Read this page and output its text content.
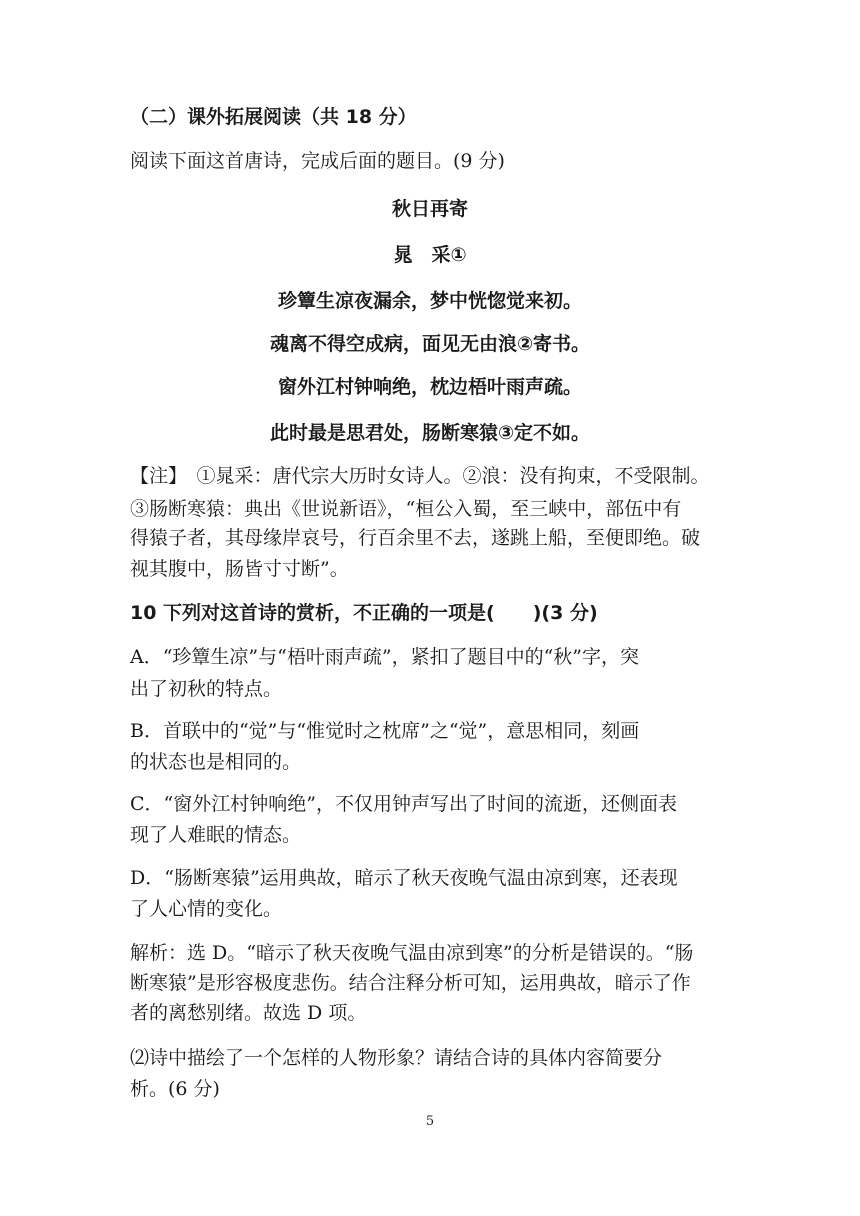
（二）课外拓展阅读（共 18 分）
阅读下面这首唐诗，完成后面的题目。(9 分)
秋日再寄
晁　采①
珍簟生凉夜漏余，梦中恍惚觉来初。
魂离不得空成病，面见无由浪②寄书。
窗外江村钟响绝，枕边梧叶雨声疏。
此时最是思君处，肠断寒猿③定不如。
【注】　①晁采：唐代宗大历时女诗人。②浪：没有拘束，不受限制。
③肠断寒猿：典出《世说新语》，“桓公入蜀，至三峡中，部伍中有
得猿子者，其母缘岸哀号，行百余里不去，遂跳上船，至便即绝。破
视其腹中，肠皆寸寸断”。
10 下列对这首诗的赏析，不正确的一项是(　　)(3 分)
A．“珍簟生凉”与“梧叶雨声疏”，紧扣了题目中的“秋”字，突
出了初秋的特点。
B．首联中的“觉”与“惟觉时之枕席”之“觉”，意思相同，刻画
的状态也是相同的。
C．“窗外江村钟响绝”，不仅用钟声写出了时间的流逝，还侧面表
现了人难眠的情态。
D．“肠断寒猿”运用典故，暗示了秋天夜晚气温由凉到寒，还表现
了人心情的变化。
解析：选 D。“暗示了秋天夜晚气温由凉到寒”的分析是错误的。“肠
断寒猿”是形容极度悲伤。结合注释分析可知，运用典故，暗示了作
者的离愁别绪。故选 D 项。
⑵诗中描绘了一个怎样的人物形象？请结合诗的具体内容简要分
析。(6 分)
5
